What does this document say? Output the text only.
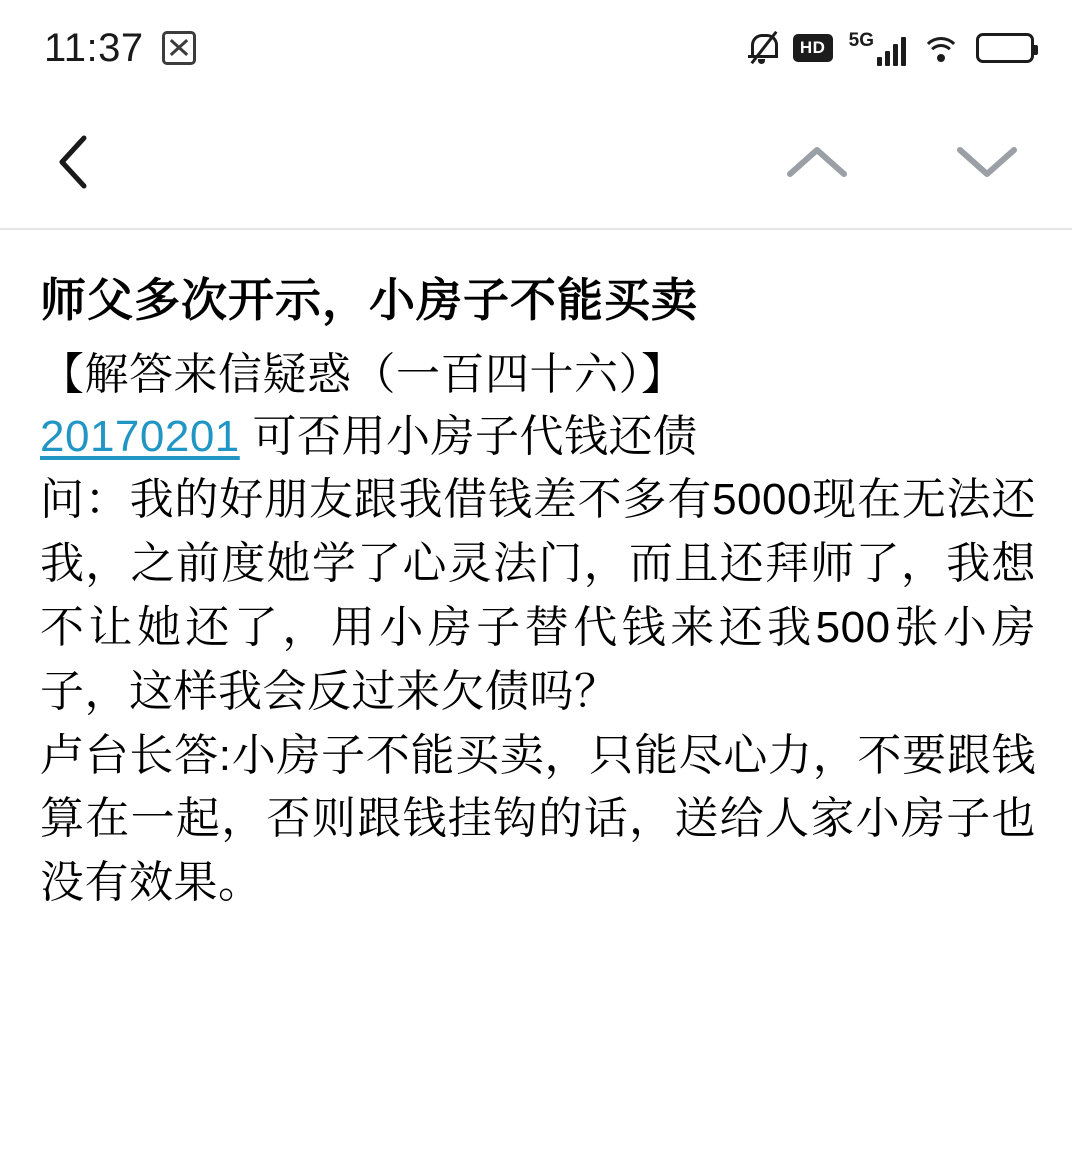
11:37	HD	5G
师父多次开示，小房子不能买卖

【解答来信疑惑（一百四十六）】

20170201 可否用小房子代钱还债

问：我的好朋友跟我借钱差不多有5000现在无法还我，之前度她学了心灵法门，而且还拜师了，我想不让她还了，用小房子替代钱来还我500张小房子，这样我会反过来欠债吗？

卢台长答:小房子不能买卖，只能尽心力，不要跟钱算在一起，否则跟钱挂钩的话，送给人家小房子也没有效果。
